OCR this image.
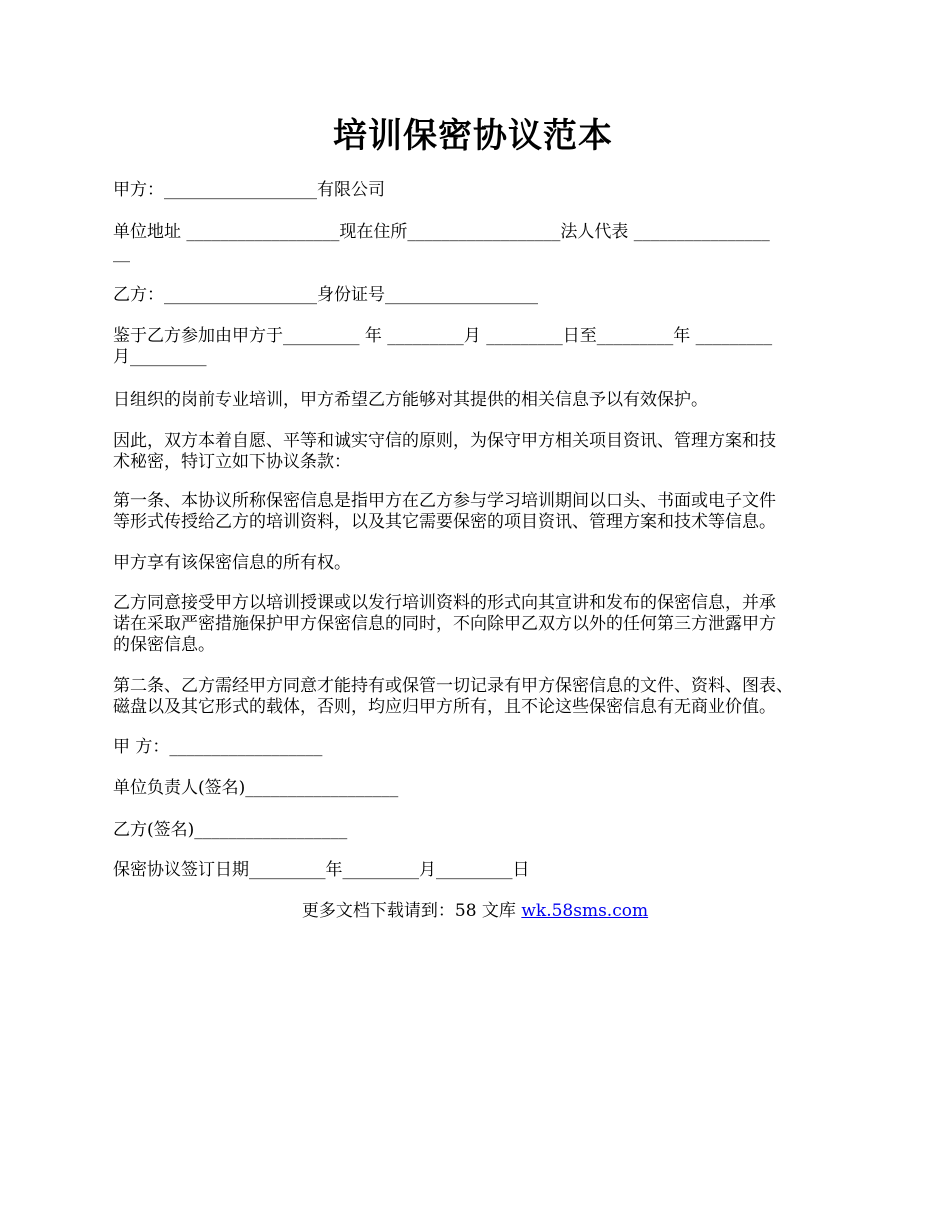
培训保密协议范本

甲方：__________________有限公司

单位地址 __________________现在住所__________________法人代表 ________________
__

乙方：__________________身份证号__________________

鉴于乙方参加由甲方于_________ 年 _________月 _________日至_________年 _________
月_________

日组织的岗前专业培训，甲方希望乙方能够对其提供的相关信息予以有效保护。

因此，双方本着自愿、平等和诚实守信的原则，为保守甲方相关项目资讯、管理方案和技
术秘密，特订立如下协议条款：

第一条、本协议所称保密信息是指甲方在乙方参与学习培训期间以口头、书面或电子文件
等形式传授给乙方的培训资料，以及其它需要保密的项目资讯、管理方案和技术等信息。

甲方享有该保密信息的所有权。

乙方同意接受甲方以培训授课或以发行培训资料的形式向其宣讲和发布的保密信息，并承
诺在采取严密措施保护甲方保密信息的同时，不向除甲乙双方以外的任何第三方泄露甲方
的保密信息。

第二条、乙方需经甲方同意才能持有或保管一切记录有甲方保密信息的文件、资料、图表、
磁盘以及其它形式的载体，否则，均应归甲方所有，且不论这些保密信息有无商业价值。

甲 方：__________________

单位负责人(签名)__________________

乙方(签名)__________________

保密协议签订日期_________年_________月_________日

更多文档下载请到：58 文库 wk.58sms.com
